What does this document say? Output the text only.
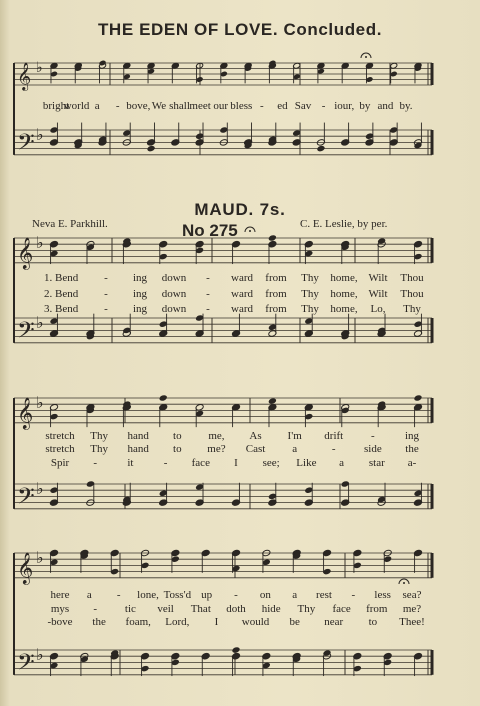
THE EDEN OF LOVE. Concluded.
𝄞 ♭
𝄢 ♭
𝄞 ♭
𝄢 ♭
𝄞 ♭
𝄢 ♭
𝄞 ♭
𝄢 ♭
bright
world a - bove, We shall meet our bless - ed Sav - iour, by and by.
MAUD. 7s.
No 275
Neva E. Parkhill.	C. E. Leslie, by per.
1. Bend - ing down - ward from Thy home, Wilt Thou
2. Bend - ing down - ward from Thy home, Wilt Thou
3. Bend - ing down - ward from Thy home, Lo, Thy
stretch Thy hand to me, As I'm drift	-	ing
stretch Thy hand to me? Cast a	-	side the
Spir -	it	- face I see; Like a star a-
here a - lone, Toss'd up - on a rest - less sea?
mys -	tic veil That doth hide Thy face from me?
-bove the foam, Lord, I would be near to Thee!
